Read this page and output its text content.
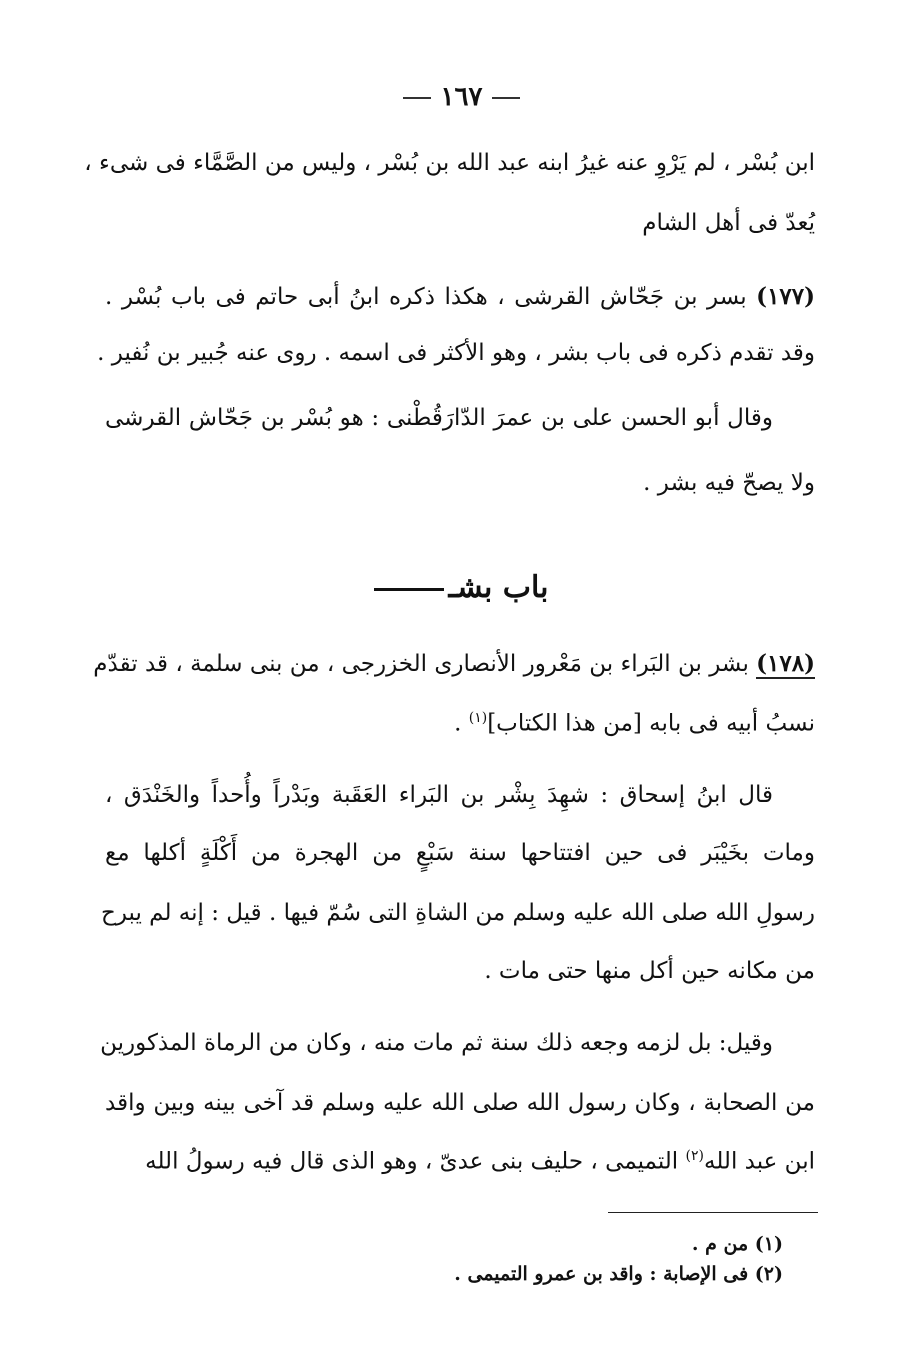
١٦٧
ابن بُسْر ، لم يَرْوِ عنه غيرُ ابنه عبد الله بن بُسْر ، وليس من الصَّمَّاء فى شىء ،
يُعدّ فى أهل الشام
(١٧٧) بسر بن جَحّاش القرشى ، هكذا ذكره ابنُ أبى حاتم فى باب بُسْر .
وقد تقدم ذكره فى باب بشر ، وهو الأكثر فى اسمه . روى عنه جُبير بن نُفير .
وقال أبو الحسن على بن عمرَ الدّارَقُطْنى : هو بُسْر بن جَحّاش القرشى
ولا يصحّ فيه بشر .
باب بشـ
(١٧٨) بشر بن البَراء بن مَعْرور الأنصارى الخزرجى ، من بنى سلمة ، قد تقدّم
نسبُ أبيه فى بابه [من هذا الكتاب]$^{(١)}$ .
قال ابنُ إسحاق : شهِدَ بِشْر بن البَراء العَقَبة وبَدْراً وأُحداً والخَنْدَق ،
ومات بخَيْبَر فى حين افتتاحها سنة سَبْعٍ من الهجرة من أَكْلَةٍ أكلها مع
رسولِ الله صلى الله عليه وسلم من الشاةِ التى سُمّ فيها . قيل : إنه لم يبرح
من مكانه حين أكل منها حتى مات .
وقيل: بل لزمه وجعه ذلك سنة ثم مات منه ، وكان من الرماة المذكورين
من الصحابة ، وكان رسول الله صلى الله عليه وسلم قد آخى بينه وبين واقد
ابن عبد الله$^{(٢)}$ التميمى ، حليف بنى عدىّ ، وهو الذى قال فيه رسولُ الله
(١) من م .
(٢) فى الإصابة : واقد بن عمرو التميمى .
